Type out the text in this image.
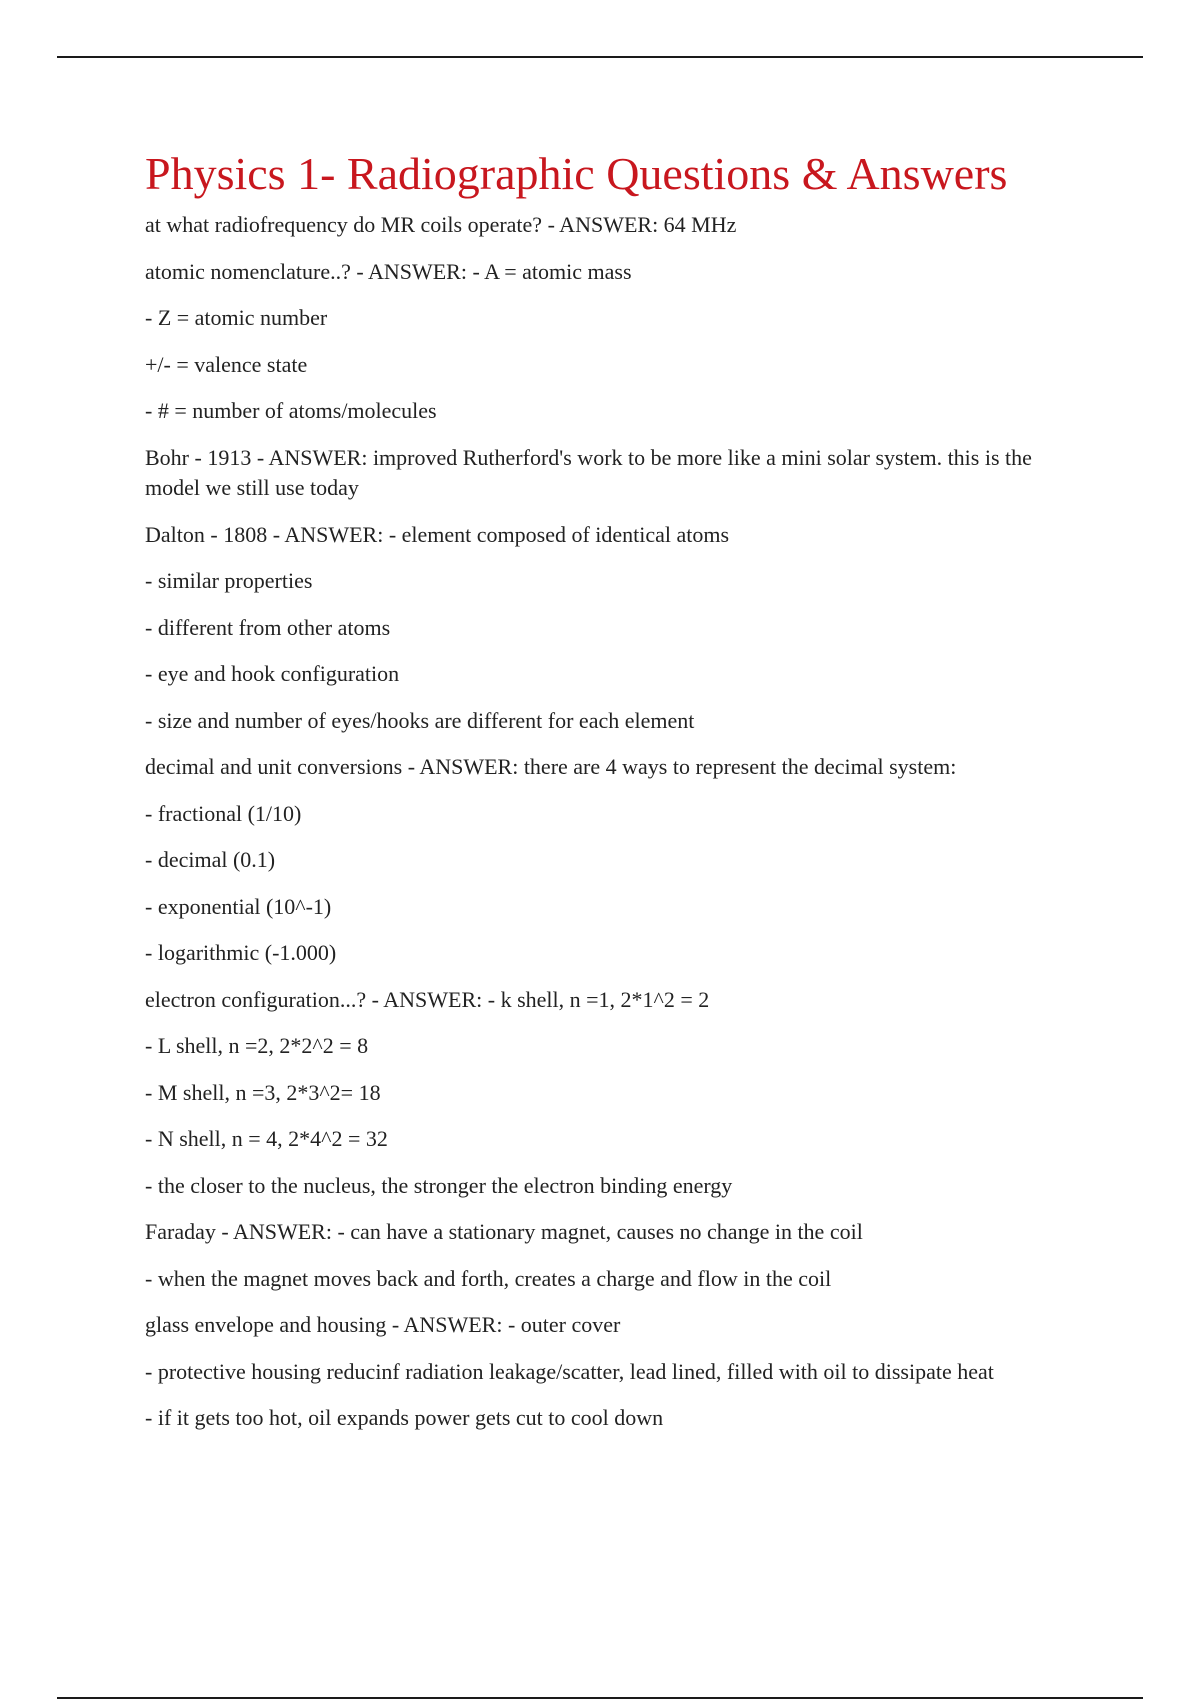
Physics 1- Radiographic Questions & Answers
at what radiofrequency do MR coils operate? - ANSWER: 64 MHz
atomic nomenclature..? - ANSWER: - A = atomic mass
- Z = atomic number
+/- = valence state
- # = number of atoms/molecules
Bohr - 1913 - ANSWER: improved Rutherford's work to be more like a mini solar system. this is the model we still use today
Dalton - 1808 - ANSWER: - element composed of identical atoms
- similar properties
- different from other atoms
- eye and hook configuration
- size and number of eyes/hooks are different for each element
decimal and unit conversions - ANSWER: there are 4 ways to represent the decimal system:
- fractional (1/10)
- decimal (0.1)
- exponential (10^-1)
- logarithmic (-1.000)
electron configuration...? - ANSWER: - k shell, n =1, 2*1^2 = 2
- L shell, n =2, 2*2^2 = 8
- M shell, n =3, 2*3^2= 18
- N shell, n = 4, 2*4^2 = 32
- the closer to the nucleus, the stronger the electron binding energy
Faraday - ANSWER: - can have a stationary magnet, causes no change in the coil
- when the magnet moves back and forth, creates a charge and flow in the coil
glass envelope and housing - ANSWER: - outer cover
- protective housing reducinf radiation leakage/scatter, lead lined, filled with oil to dissipate heat
- if it gets too hot, oil expands power gets cut to cool down
